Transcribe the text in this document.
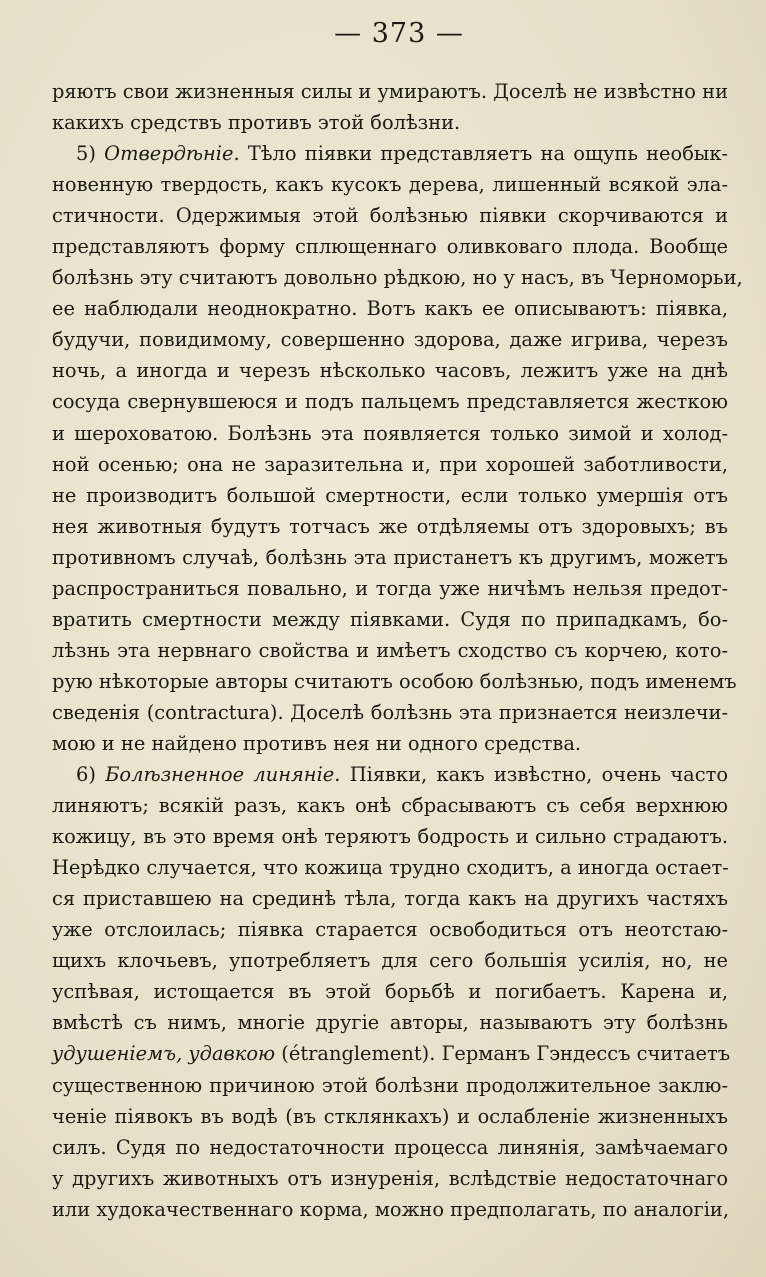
— 373 —
ряютъ свои жизненныя силы и умираютъ. Доселѣ не извѣстно ни
какихъ средствъ противъ этой болѣзни.
5) Отвердѣніе. Тѣло піявки представляетъ на ощупь необык-
новенную твердость, какъ кусокъ дерева, лишенный всякой эла-
стичности. Одержимыя этой болѣзнью піявки скорчиваются и
представляютъ форму сплющеннаго оливковаго плода. Вообще
болѣзнь эту считаютъ довольно рѣдкою, но у насъ, въ Черноморьи,
ее наблюдали неоднократно. Вотъ какъ ее описываютъ: піявка,
будучи, повидимому, совершенно здорова, даже игрива, черезъ
ночь, а иногда и черезъ нѣсколько часовъ, лежитъ уже на днѣ
сосуда свернувшеюся и подъ пальцемъ представляется жесткою
и шероховатою. Болѣзнь эта появляется только зимой и холод-
ной осенью; она не заразительна и, при хорошей заботливости,
не производитъ большой смертности, если только умершія отъ
нея животныя будутъ тотчасъ же отдѣляемы отъ здоровыхъ; въ
противномъ случаѣ, болѣзнь эта пристанетъ къ другимъ, можетъ
распространиться повально, и тогда уже ничѣмъ нельзя предот-
вратить смертности между піявками. Судя по припадкамъ, бо-
лѣзнь эта нервнаго свойства и имѣетъ сходство съ корчею, кото-
рую нѣкоторые авторы считаютъ особою болѣзнью, подъ именемъ
сведенія (contractura). Доселѣ болѣзнь эта признается неизлечи-
мою и не найдено противъ нея ни одного средства.
6) Болѣзненное линяніе. Піявки, какъ извѣстно, очень часто
линяютъ; всякій разъ, какъ онѣ сбрасываютъ съ себя верхнюю
кожицу, въ это время онѣ теряютъ бодрость и сильно страдаютъ.
Нерѣдко случается, что кожица трудно сходитъ, а иногда остает-
ся приставшею на срединѣ тѣла, тогда какъ на другихъ частяхъ
уже отслоилась; піявка старается освободиться отъ неотстаю-
щихъ клочьевъ, употребляетъ для сего большія усилія, но, не
успѣвая, истощается въ этой борьбѣ и погибаетъ. Карена и,
вмѣстѣ съ нимъ, многіе другіе авторы, называютъ эту болѣзнь
удушеніемъ, удавкою (étranglement). Германъ Гэндессъ считаетъ
существенною причиною этой болѣзни продолжительное заклю-
ченіе піявокъ въ водѣ (въ стклянкахъ) и ослабленіе жизненныхъ
силъ. Судя по недостаточности процесса линянія, замѣчаемаго
у другихъ животныхъ отъ изнуренія, вслѣдствіе недостаточнаго
или худокачественнаго корма, можно предполагать, по аналогіи,
